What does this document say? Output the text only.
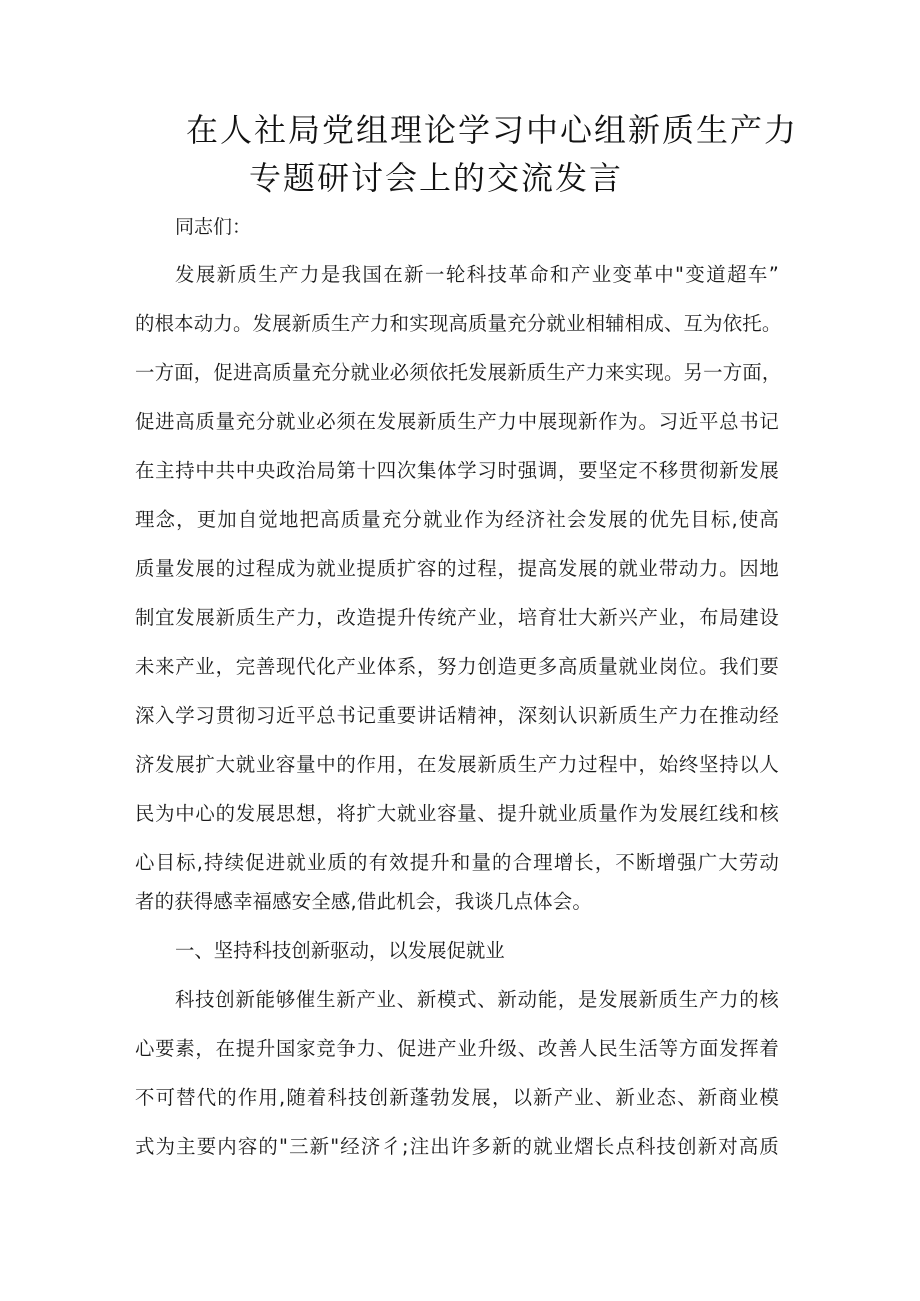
在人社局党组理论学习中心组新质生产力
专题研讨会上的交流发言
同志们：
发展新质生产力是我国在新一轮科技革命和产业变革中"变道超车”
的根本动力。发展新质生产力和实现高质量充分就业相辅相成、互为依托。
一方面，促进高质量充分就业必须依托发展新质生产力来实现。另一方面，
促进高质量充分就业必须在发展新质生产力中展现新作为。习近平总书记
在主持中共中央政治局第十四次集体学习时强调，要坚定不移贯彻新发展
理念，更加自觉地把高质量充分就业作为经济社会发展的优先目标,使高
质量发展的过程成为就业提质扩容的过程，提高发展的就业带动力。因地
制宜发展新质生产力，改造提升传统产业，培育壮大新兴产业，布局建设
未来产业，完善现代化产业体系，努力创造更多高质量就业岗位。我们要
深入学习贯彻习近平总书记重要讲话精神，深刻认识新质生产力在推动经
济发展扩大就业容量中的作用，在发展新质生产力过程中，始终坚持以人
民为中心的发展思想，将扩大就业容量、提升就业质量作为发展红线和核
心目标,持续促进就业质的有效提升和量的合理增长，不断增强广大劳动
者的获得感幸福感安全感,借此机会，我谈几点体会。
一、坚持科技创新驱动，以发展促就业
科技创新能够催生新产业、新模式、新动能，是发展新质生产力的核
心要素，在提升国家竞争力、促进产业升级、改善人民生活等方面发挥着
不可替代的作用,随着科技创新蓬勃发展，以新产业、新业态、新商业模
式为主要内容的"三新"经济彳;注出许多新的就业熠长点科技创新对高质
